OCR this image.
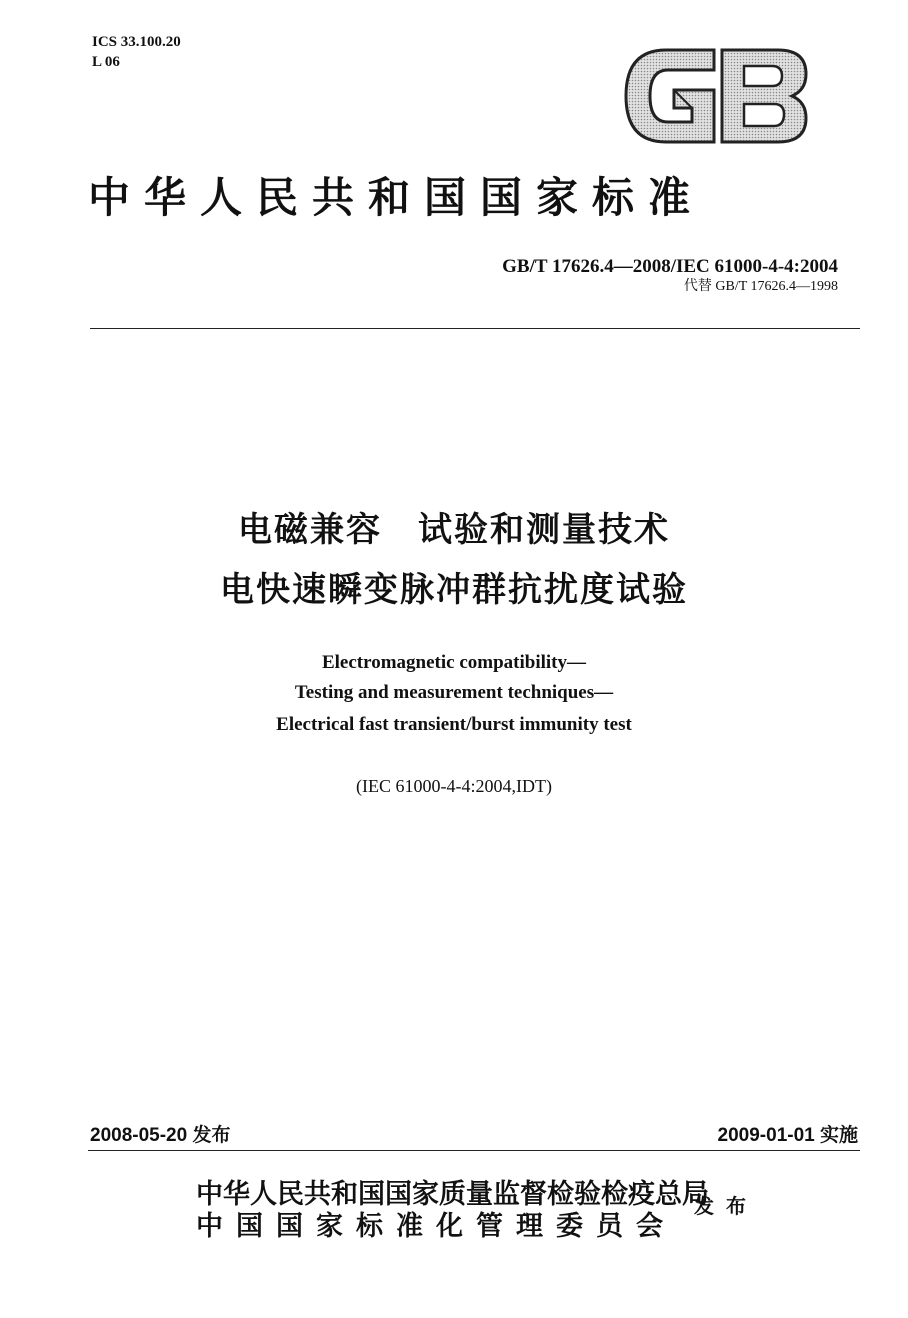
ICS 33.100.20
L 06
中华人民共和国国家标准
GB/T 17626.4—2008/IEC 61000-4-4:2004
代替 GB/T 17626.4—1998
电磁兼容　试验和测量技术
电快速瞬变脉冲群抗扰度试验
Electromagnetic compatibility—
Testing and measurement techniques—
Electrical fast transient/burst immunity test
(IEC 61000-4-4:2004,IDT)
2008-05-20 发布	2009-01-01 实施
中华人民共和国国家质量监督检验检疫总局
中国国家标准化管理委员会
发布
